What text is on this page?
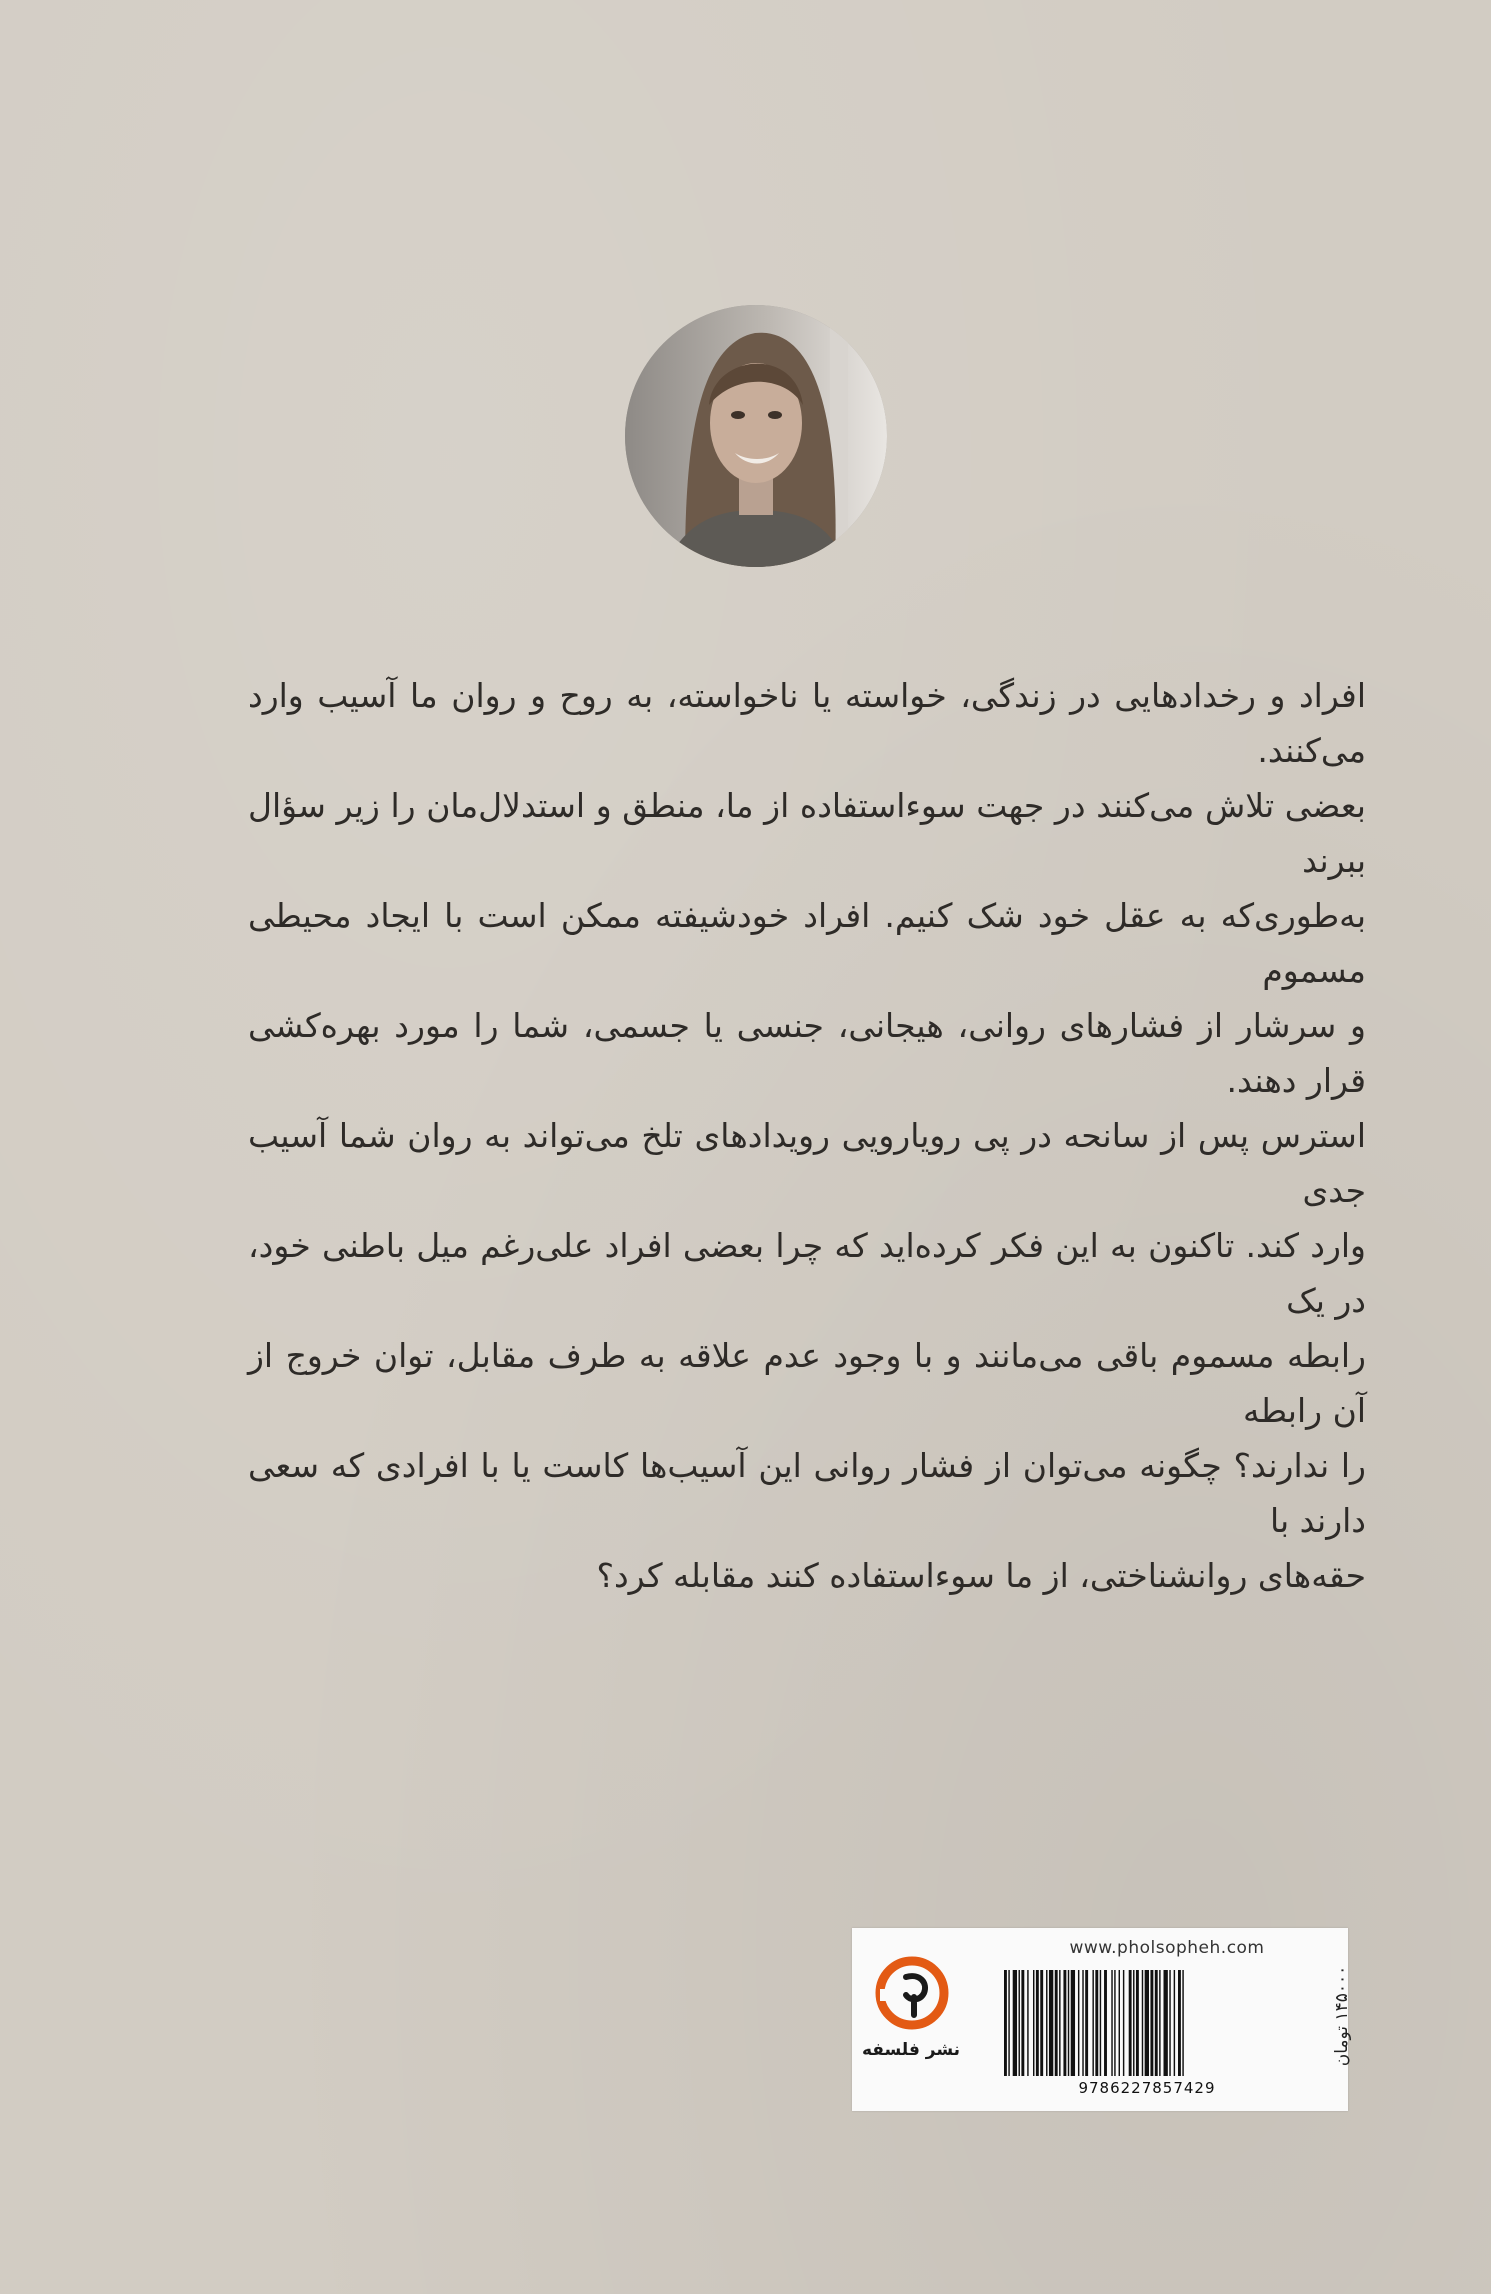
افراد و رخدادهایی در زندگی، خواسته یا ناخواسته، به روح و روان ما آسیب وارد می‌کنند.

بعضی تلاش می‌کنند در جهت سوءاستفاده از ما، منطق و استدلال‌مان را زیر سؤال ببرند

به‌طوری‌که به عقل خود شک کنیم. افراد خودشیفته ممکن است با ایجاد محیطی مسموم

و سرشار از فشارهای روانی، هیجانی، جنسی یا جسمی، شما را مورد بهره‌کشی قرار دهند.

استرس پس از سانحه در پی رویارویی رویدادهای تلخ می‌تواند به روان شما آسیب جدی

وارد کند. تاکنون به این فکر کرده‌اید که چرا بعضی افراد علی‌رغم میل باطنی خود، در یک

رابطه مسموم باقی می‌مانند و با وجود عدم علاقه به طرف مقابل، توان خروج از آن رابطه

را ندارند؟ چگونه می‌توان از فشار روانی این آسیب‌ها کاست یا با افرادی که سعی دارند با

حقه‌های روانشناختی، از ما سوءاستفاده کنند مقابله کرد؟

نشر فلسفه
www.pholsopheh.com
9786227857429
۱۴۵۰۰۰ تومان
